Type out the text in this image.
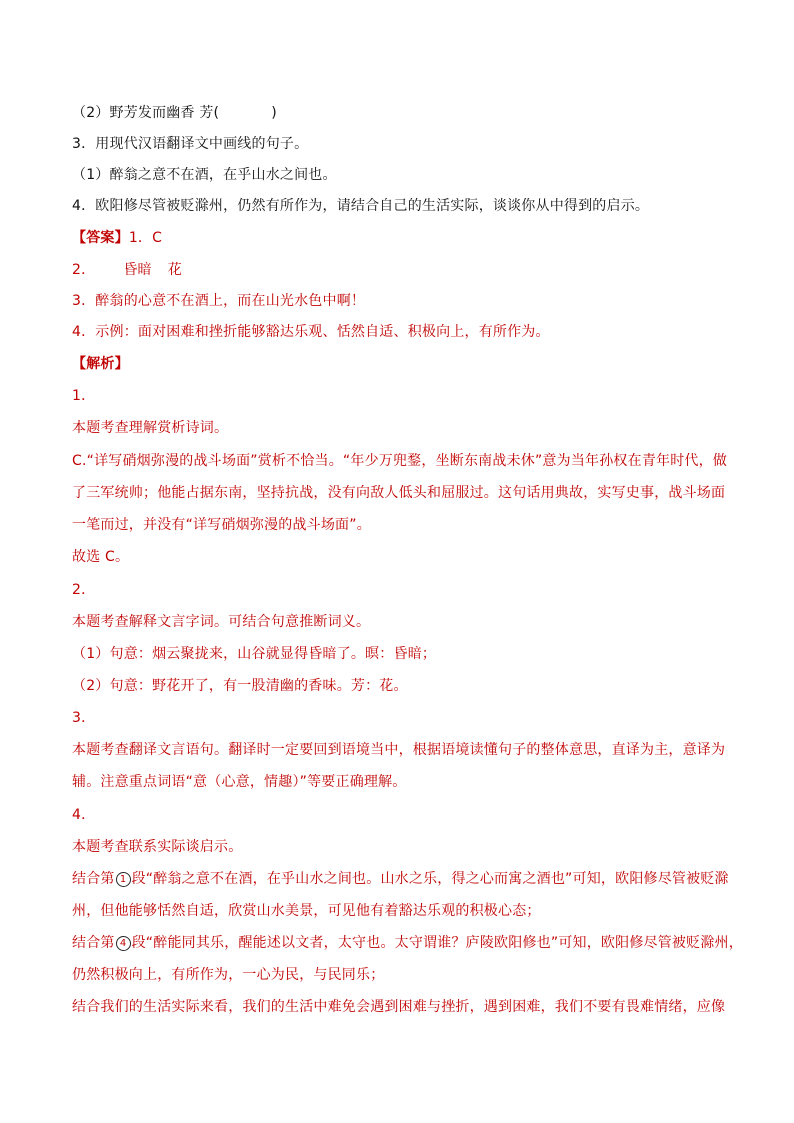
（2）野芳发而幽香 芳(	)
3．用现代汉语翻译文中画线的句子。
（1）醉翁之意不在酒，在乎山水之间也。
4．欧阳修尽管被贬滁州，仍然有所作为，请结合自己的生活实际，谈谈你从中得到的启示。
【答案】1．C
2． 昏暗 花
3．醉翁的心意不在酒上，而在山光水色中啊！
4．示例：面对困难和挫折能够豁达乐观、恬然自适、积极向上，有所作为。
【解析】
1．
本题考查理解赏析诗词。
C.“详写硝烟弥漫的战斗场面”赏析不恰当。“年少万兜鍪，坐断东南战未休”意为当年孙权在青年时代，做
了三军统帅；他能占据东南，坚持抗战，没有向敌人低头和屈服过。这句话用典故，实写史事，战斗场面
一笔而过，并没有“详写硝烟弥漫的战斗场面”。
故选 C。
2．
本题考查解释文言字词。可结合句意推断词义。
（1）句意：烟云聚拢来，山谷就显得昏暗了。暝：昏暗；
（2）句意：野花开了，有一股清幽的香味。芳：花。
3．
本题考查翻译文言语句。翻译时一定要回到语境当中，根据语境读懂句子的整体意思，直译为主，意译为
辅。注意重点词语“意（心意，情趣）”等要正确理解。
4．
本题考查联系实际谈启示。
结合第 1 段“醉翁之意不在酒，在乎山水之间也。山水之乐，得之心而寓之酒也”可知，欧阳修尽管被贬滁
州，但他能够恬然自适，欣赏山水美景，可见他有着豁达乐观的积极心态；
结合第 4 段“醉能同其乐，醒能述以文者，太守也。太守谓谁？庐陵欧阳修也”可知，欧阳修尽管被贬滁州，
仍然积极向上，有所作为，一心为民，与民同乐；
结合我们的生活实际来看，我们的生活中难免会遇到困难与挫折，遇到困难，我们不要有畏难情绪，应像
